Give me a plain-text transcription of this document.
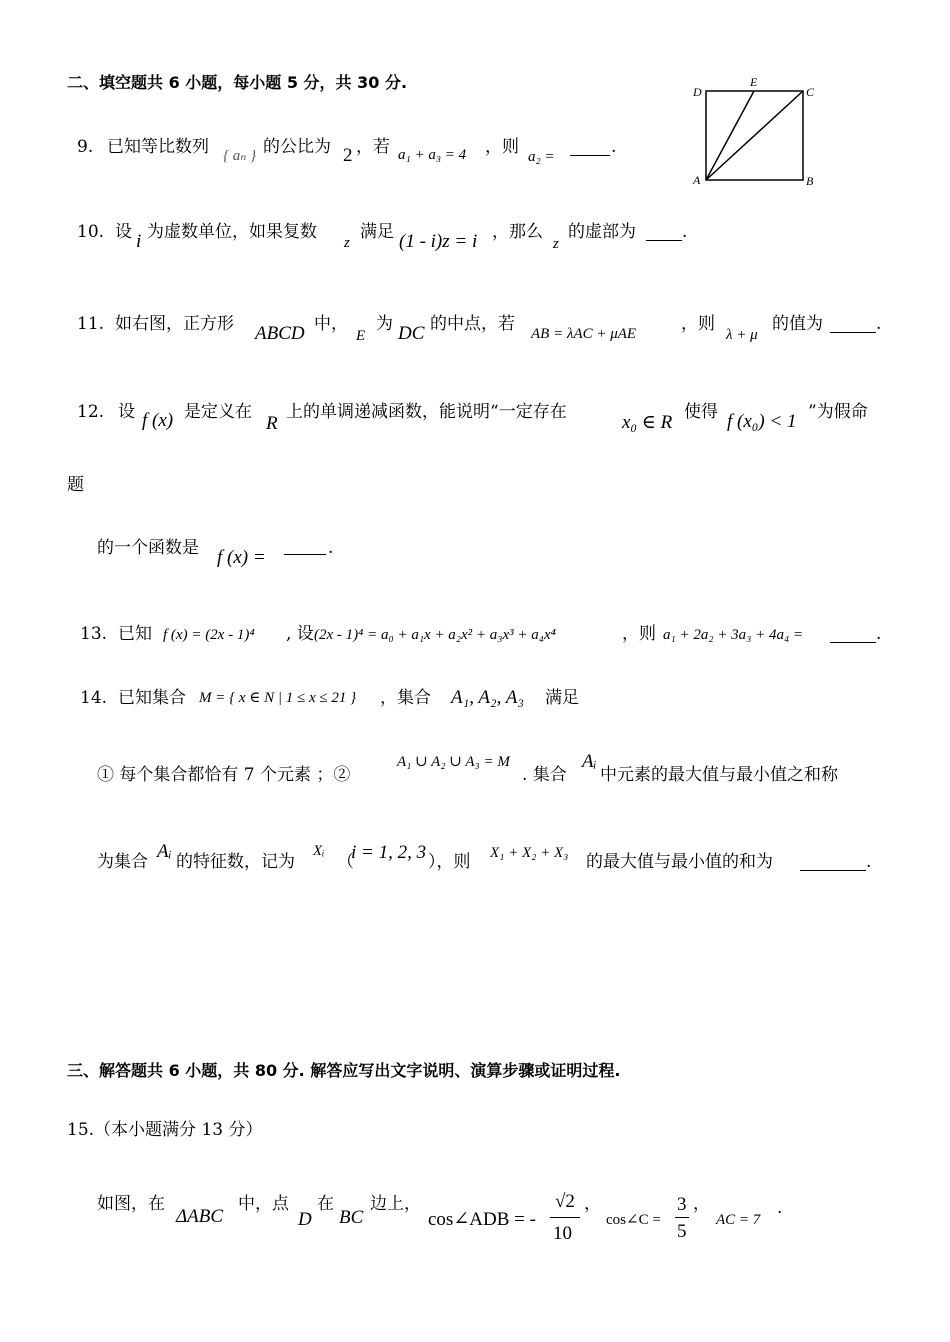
二、填空题共 6 小题，每小题 5 分，共 30 分.	D
E
C
A	B
9. 已知等比数列 { aₙ } 的公比为 2 ，若 a₁ + a₃ = 4 ，则 a₂ =	.
10. 设 i 为虚数单位，如果复数
z
满足 (1 - i)z = i ，那么
z
的虚部为	.
11. 如右图，正方形 ABCD 中，
E
为 DC 的中点，若 AB = λAC + μAE	，则
λ + μ
的值为	.
12. 设 f (x) 是定义在
R
上的单调递减函数，能说明“一定存在	x₀ ∈ R 使得 f (x₀) < 1 ”为假命
题
的一个函数是 f (x) =	.
13. 已知 f (x) = (2x - 1)⁴ , 设 (2x - 1)⁴ = a₀ + a₁x + a₂x² + a₃x³ + a₄x⁴	，则 a₁ + 2a₂ + 3a₃ + 4a₄ =	.
14. 已知集合 M = { x ∈ N | 1 ≤ x ≤ 21 } ，集合 A₁, A₂, A₃ 满足
① 每个集合都恰有 7 个元素 ；②
A₁ ∪ A₂ ∪ A₃ = M
. 集合
Aᵢ
中元素的最大值与最小值之和称
为集合 Aᵢ 的特征数，记为
Xᵢ
（
i = 1, 2, 3 ），则 X₁ + X₂ + X₃ 的最大值与最小值的和为	.
三、解答题共 6 小题，共 80 分. 解答应写出文字说明、演算步骤或证明过程.
15.（本小题满分 13 分）
如图，在
ΔABC
中，点
D
在
BC
边上，
cos∠ADB = -
√2
10
，
cos∠C =
3
5
，
AC = 7
.
